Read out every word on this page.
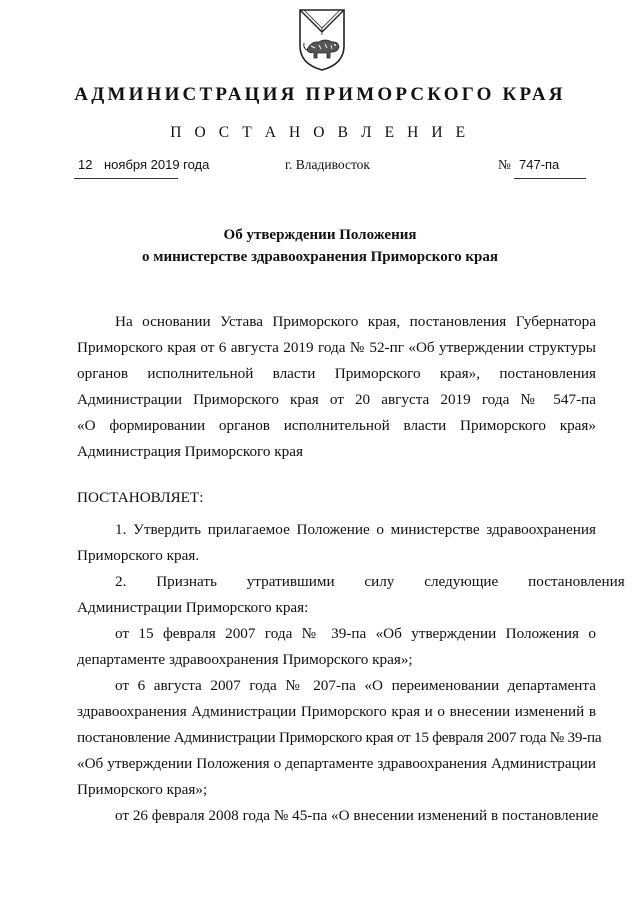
АДМИНИСТРАЦИЯ ПРИМОРСКОГО КРАЯ
П О С Т А Н О В Л Е Н И Е
12 ноября 2019 года	г. Владивосток	№ 747-па
Об утверждении Положения
о министерстве здравоохранения Приморского края
На основании Устава Приморского края, постановления Губернатора
Приморского края от 6 августа 2019 года № 52-пг «Об утверждении структуры
органов исполнительной власти Приморского края», постановления
Администрации Приморского края от 20 августа 2019 года № 547-па
«О формировании органов исполнительной власти Приморского края»
Администрация Приморского края
ПОСТАНОВЛЯЕТ:
1. Утвердить прилагаемое Положение о министерстве здравоохранения
Приморского края.
2. Признать утратившими силу следующие постановления
Администрации Приморского края:
от 15 февраля 2007 года № 39-па «Об утверждении Положения о
департаменте здравоохранения Приморского края»;
от 6 августа 2007 года № 207-па «О переименовании департамента
здравоохранения Администрации Приморского края и о внесении изменений в
постановление Администрации Приморского края от 15 февраля 2007 года № 39-па
«Об утверждении Положения о департаменте здравоохранения Администрации
Приморского края»;
от 26 февраля 2008 года № 45-па «О внесении изменений в постановление
